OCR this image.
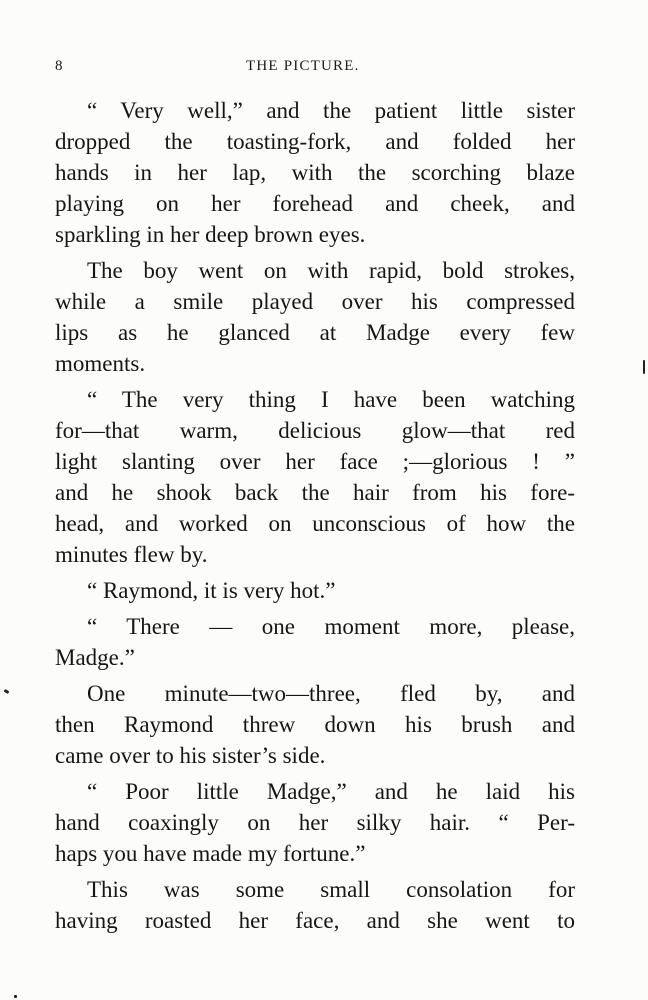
8	THE PICTURE.
“ Very well,” and the patient little sister
dropped the toasting-fork, and folded her
hands in her lap, with the scorching blaze
playing on her forehead and cheek, and
sparkling in her deep brown eyes.
The boy went on with rapid, bold strokes,
while a smile played over his compressed
lips as he glanced at Madge every few
moments.
“ The very thing I have been watching
for—that warm, delicious glow—that red
light slanting over her face ;—glorious ! ”
and he shook back the hair from his fore-
head, and worked on unconscious of how the
minutes flew by.
“ Raymond, it is very hot.”
“ There — one moment more, please,
Madge.”
One minute—two—three, fled by, and
then Raymond threw down his brush and
came over to his sister’s side.
“ Poor little Madge,” and he laid his
hand coaxingly on her silky hair. “ Per-
haps you have made my fortune.”
This was some small consolation for
having roasted her face, and she went to
